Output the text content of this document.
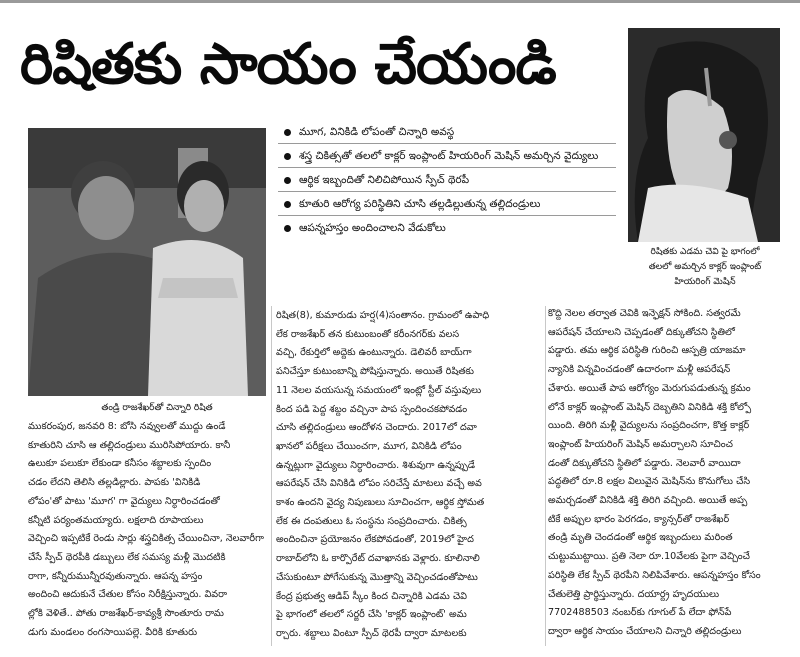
రిషితకు సాయం చేయండి
రిషితకు ఎడమ చెవి పై భాగంలో
తలలో అమర్చిన కాక్లర్ ఇంప్లాంట్
హియరింగ్ మెషిన్
తండ్రి రాజశేఖర్‌తో చిన్నారి రిషిత
మూగ, వినికిడి లోపంతో చిన్నారి అవస్థ
శస్త్ర చికిత్సతో తలలో కాక్లర్ ఇంప్లాంట్ హియరింగ్ మెషిన్ అమర్చిన వైద్యులు
ఆర్థిక ఇబ్బందితో నిలిచిపోయిన స్పీచ్ థెరపీ
కూతురి ఆరోగ్య పరిస్థితిని చూసి తల్లడిల్లుతున్న తల్లిదండ్రులు
ఆపన్నహస్తం అందించాలని వేడుకోలు

ముకరంపుర, జనవరి 8: బోసి నవ్వులతో ముద్దు ఉండే

కూతురిని చూసి ఆ తల్లిదండ్రులు మురిసిపోయారు. కానీ

ఉలుకూ పలుకూ లేకుండా కనీసం శబ్దాలకు స్పందిం

చడం లేదని తెలిసి తల్లడిల్లారు. పాపకు 'వినికిడి

లోపం'తో పాటు 'మూగ' గా వైద్యులు నిర్ధారించడంతో

కన్నీటి పర్యంతమయ్యారు. లక్షలాది రూపాయలు

వెచ్చించి ఇప్పటికే రెండు సార్లు శస్త్రచికిత్స చేయించినా, నెలవారీగా

చేసే స్పీచ్ థెరపీకి డబ్బులు లేక సమస్య మళ్లీ మొదటికి

రాగా, కన్నీరుమున్నీరవుతున్నారు. ఆపన్న హస్తం

అందించి ఆదుకునే చేతుల కోసం నిరీక్షిస్తున్నారు. వివరా

ల్లోకి వెళితే.. పోతు రాజశేఖర్‌-కావ్యశ్రీ సొంతూరు రామ

డుగు మండలం రంగసాయిపల్లె. వీరికి కూతురు

రిషిత(8), కుమారుడు హర్ష(4)సంతానం. గ్రామంలో ఉపాధి

లేక రాజశేఖర్‌ తన కుటుంబంతో కరీంనగర్‌కు వలస

వచ్చి, రేకుర్తిలో అద్దెకు ఉంటున్నారు. డెలివరీ బాయ్‌గా

పనిచేస్తూ కుటుంబాన్ని పోషిస్తున్నారు. అయితే రిషితకు

11 నెలల వయసున్న సమయంలో ఇంట్లో స్టీల్ వస్తువులు

కింద పడి పెద్ద శబ్దం వచ్చినా పాప స్పందించకపోవడం

చూసి తల్లిదండ్రులు ఆందోళన చెందారు. 2017లో దవా

ఖానలో పరీక్షలు చేయించగా, మూగ, వినికిడి లోపం

ఉన్నట్లుగా వైద్యులు నిర్ధారించారు. శిశువుగా ఉన్నప్పుడే

ఆపరేషన్ చేసి వినికిడి లోపం సరిచేస్తే మాటలు వచ్చే అవ

కాశం ఉందని వైద్య నిపుణులు సూచించగా, ఆర్థిక స్తోమత

లేక ఈ దంపతులు ఓ సంస్థను సంప్రదించారు. చికిత్స

అందించినా ప్రయోజనం లేకపోవడంతో, 2019లో హైద

రాబాద్‌లోని ఓ కార్పొరేట్ దవాఖానకు వెళ్లారు. కూలినాలి

చేసుకుంటూ పోగేసుకున్న మొత్తాన్ని వెచ్చించడంతోపాటు

కేంద్ర ప్రభుత్వ ఆడిప్ స్కీం కింద చిన్నారికి ఎడమ చెవి

పై భాగంలో తలలో సర్జరీ చేసి 'కాక్లర్ ఇంప్లాంట్' అమ

ర్చారు. శబ్దాలు వింటూ స్పీచ్ థెరపీ ద్వారా మాటలకు

కొద్ది నెలల తర్వాత చెవికి ఇన్ఫెక్షన్ సోకింది. సత్వరమే

ఆపరేషన్ చేయాలని చెప్పడంతో దిక్కుతోచని స్థితిలో

పడ్డారు. తమ ఆర్థిక పరిస్థితి గురించి ఆస్పత్రి యాజమా

న్యానికి విన్నవించడంతో ఉదారంగా మళ్లీ ఆపరేషన్

చేశారు. అయితే పాప ఆరోగ్యం మెరుగుపడుతున్న క్రమం

లోనే కాక్లర్ ఇంప్లాంట్ మెషిన్ దెబ్బతిని వినికిడి శక్తి కోల్పో

యింది. తిరిగి మళ్లీ వైద్యులను సంప్రదించగా, కొత్త కాక్లర్

ఇంప్లాంట్ హియరింగ్ మెషిన్ అమర్చాలని సూచించ

డంతో దిక్కుతోచని స్థితిలో పడ్డారు. నెలవారీ వాయిదా

పద్ధతిలో రూ.8 లక్షల విలువైన మెషిన్‌ను కొనుగోలు చేసి

అమర్చడంతో వినికిడి శక్తి తిరిగి వచ్చింది. అయితే అప్ప

టికే అప్పుల భారం పెరగడం, క్యాన్సర్‌తో రాజశేఖర్

తండ్రి మృతి చెందడంతో ఆర్థిక ఇబ్బందులు మరింత

చుట్టుముట్టాయి. ప్రతి నెలా రూ.10వేలకు పైగా వెచ్చించే

పరిస్థితి లేక స్పీచ్ థెరపీని నిలిపివేశారు. ఆపన్నహస్తం కోసం

చేతులెత్తి ప్రార్థిస్తున్నారు. దయార్ద్ర హృదయులు

7702488503 నంబర్‌కు గూగుల్ పే లేదా ఫోన్‌పే

ద్వారా ఆర్థిక సాయం చేయాలని చిన్నారి తల్లిదండ్రులు
